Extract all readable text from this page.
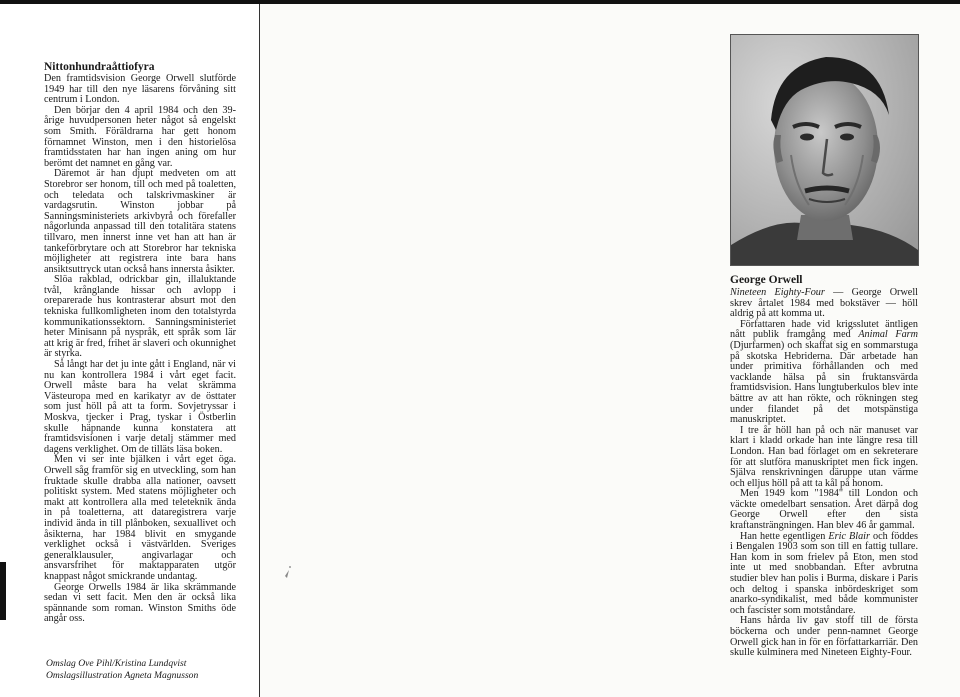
Nittonhundraåttiofyra

Den framtidsvision George Orwell slutförde 1949 har till den nye läsarens förvåning sitt centrum i London.

Den börjar den 4 april 1984 och den 39-årige huvudpersonen heter något så engelskt som Smith. Föräldrarna har gett honom förnamnet Winston, men i den historielösa framtidsstaten har han ingen aning om hur berömt det namnet en gång var.

Däremot är han djupt medveten om att Storebror ser honom, till och med på toaletten, och teledata och talskrivmaskiner är vardagsrutin. Winston jobbar på Sanningsministeriets arkivbyrå och förefaller någorlunda anpassad till den totalitära statens tillvaro, men innerst inne vet han att han är tankeförbrytare och att Storebror har tekniska möjligheter att registrera inte bara hans ansiktsuttryck utan också hans innersta åsikter.

Slöa rakblad, odrickbar gin, illaluktande tvål, krånglande hissar och avlopp i oreparerade hus kontrasterar absurt mot den tekniska fullkomligheten inom den totalstyrda kommunikationssektorn. Sanningsministeriet heter Minisann på nyspråk, ett språk som lär att krig är fred, frihet är slaveri och okunnighet är styrka.

Så långt har det ju inte gått i England, när vi nu kan kontrollera 1984 i vårt eget facit. Orwell måste bara ha velat skrämma Västeuropa med en karikatyr av de östtater som just höll på att ta form. Sovjetryssar i Moskva, tjecker i Prag, tyskar i Östberlin skulle häpnande kunna konstatera att framtidsvisionen i varje detalj stämmer med dagens verklighet. Om de tilläts läsa boken.

Men vi ser inte bjälken i vårt eget öga. Orwell såg framför sig en utveckling, som han fruktade skulle drabba alla nationer, oavsett politiskt system. Med statens möjligheter och makt att kontrollera alla med teleteknik ända in på toaletterna, att dataregistrera varje individ ända in till plånboken, sexuallivet och åsikterna, har 1984 blivit en smygande verklighet också i västvärlden. Sveriges generalklausuler, angivarlagar och ansvarsfrihet för maktapparaten utgör knappast något smickrande undantag.

George Orwells 1984 är lika skrämmande sedan vi sett facit. Men den är också lika spännande som roman. Winston Smiths öde angår oss.

Omslag Ove Pihl/Kristina Lundqvist
Omslagsillustration Agneta Magnusson
George Orwell

Nineteen Eighty-Four — George Orwell skrev årtalet 1984 med bokstäver — höll aldrig på att komma ut.

Författaren hade vid krigsslutet äntligen nått publik framgång med Animal Farm (Djurfarmen) och skaffat sig en sommarstuga på skotska Hebriderna. Där arbetade han under primitiva förhållanden och med vacklande hälsa på sin fruktansvärda framtidsvision. Hans lungtuberkulos blev inte bättre av att han rökte, och rökningen steg under filandet på det motspänstiga manuskriptet.

I tre år höll han på och när manuset var klart i kladd orkade han inte längre resa till London. Han bad förlaget om en sekreterare för att slutföra manuskriptet men fick ingen. Själva renskrivningen däruppe utan värme och elljus höll på att ta kål på honom.

Men 1949 kom "1984" till London och väckte omedelbart sensation. Året därpå dog George Orwell efter den sista kraftansträngningen. Han blev 46 år gammal.

Han hette egentligen Eric Blair och föddes i Bengalen 1903 som son till en fattig tullare. Han kom in som frielev på Eton, men stod inte ut med snobbandan. Efter avbrutna studier blev han polis i Burma, diskare i Paris och deltog i spanska inbördeskriget som anarko-syndikalist, med både kommunister och fascister som motståndare.

Hans hårda liv gav stoff till de första böckerna och under penn-namnet George Orwell gick han in för en författarkarriär. Den skulle kulminera med Nineteen Eighty-Four.
